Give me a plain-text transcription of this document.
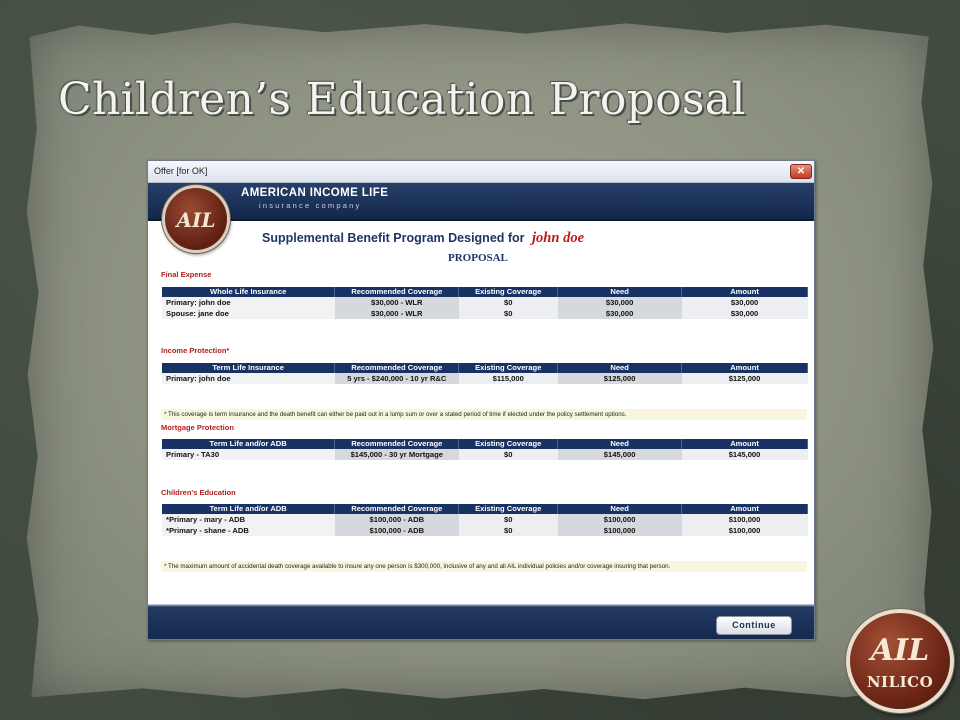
Children’s Education Proposal
Offer [for OK]	✕
AMERICAN INCOME LIFE
insurance company
AIL
Supplemental Benefit Program Designed for john doe
PROPOSAL
Final Expense
Whole Life Insurance	Recommended Coverage	Existing Coverage	Need	Amount
Primary: john doe	$30,000 - WLR	$0	$30,000	$30,000
Spouse: jane doe	$30,000 - WLR	$0	$30,000	$30,000
Income Protection*
Term Life Insurance	Recommended Coverage	Existing Coverage	Need	Amount
Primary: john doe	5 yrs - $240,000 - 10 yr R&C	$115,000	$125,000	$125,000
* This coverage is term insurance and the death benefit can either be paid out in a lump sum or over a stated period of time if elected under the policy settlement options.
Mortgage Protection
Term Life and/or ADB	Recommended Coverage	Existing Coverage	Need	Amount
Primary - TA30	$145,000 - 30 yr Mortgage	$0	$145,000	$145,000
Children's Education
Term Life and/or ADB	Recommended Coverage	Existing Coverage	Need	Amount
*Primary - mary - ADB	$100,000 - ADB	$0	$100,000	$100,000
*Primary - shane - ADB	$100,000 - ADB	$0	$100,000	$100,000
* The maximum amount of accidental death coverage available to insure any one person is $300,000, inclusive of any and all AIL individual policies and/or coverage insuring that person.
Continue
AIL
NILICO
